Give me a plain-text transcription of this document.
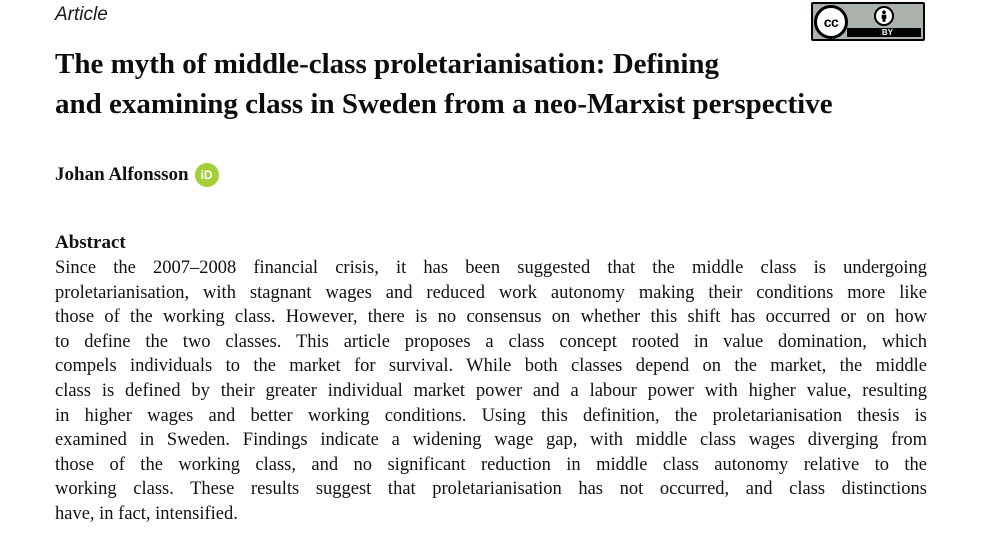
Article	cc
BY
The myth of middle-class proletarianisation: Defining
and examining class in Sweden from a neo-Marxist perspective
Johan Alfonsson iD
Abstract

Since the 2007–2008 financial crisis, it has been suggested that the middle class is undergoing
proletarianisation, with stagnant wages and reduced work autonomy making their conditions more like
those of the working class. However, there is no consensus on whether this shift has occurred or on how
to define the two classes. This article proposes a class concept rooted in value domination, which
compels individuals to the market for survival. While both classes depend on the market, the middle
class is defined by their greater individual market power and a labour power with higher value, resulting
in higher wages and better working conditions. Using this definition, the proletarianisation thesis is
examined in Sweden. Findings indicate a widening wage gap, with middle class wages diverging from
those of the working class, and no significant reduction in middle class autonomy relative to the
working class. These results suggest that proletarianisation has not occurred, and class distinctions
have, in fact, intensified.
